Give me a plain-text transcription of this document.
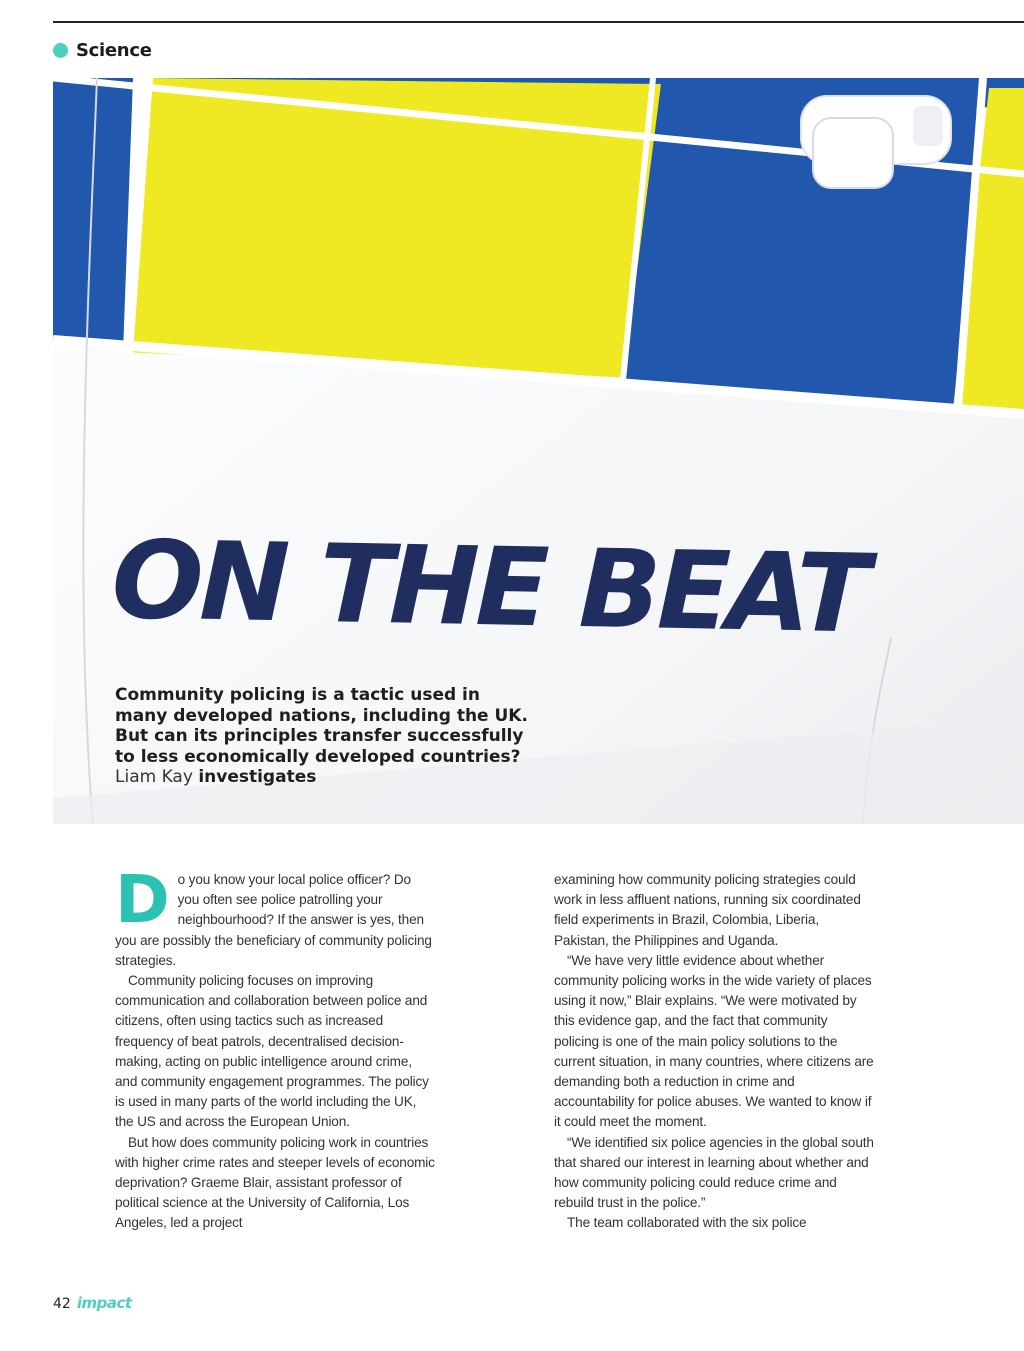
Science
ON THE BEAT

Community policing is a tactic used in many developed nations, including the UK. But can its principles transfer successfully to less economically developed countries?

Liam Kay investigates
D o you know your local police officer? Do you often see police patrolling your neighbourhood? If the answer is yes, then you are possibly the beneficiary of community policing strategies.

Community policing focuses on improving communication and collaboration between police and citizens, often using tactics such as increased frequency of beat patrols, decentralised decision-making, acting on public intelligence around crime, and community engagement programmes. The policy is used in many parts of the world including the UK, the US and across the European Union.

But how does community policing work in countries with higher crime rates and steeper levels of economic deprivation? Graeme Blair, assistant professor of political science at the University of California, Los Angeles, led a project

examining how community policing strategies could work in less affluent nations, running six coordinated field experiments in Brazil, Colombia, Liberia, Pakistan, the Philippines and Uganda.

“We have very little evidence about whether community policing works in the wide variety of places using it now,” Blair explains. “We were motivated by this evidence gap, and the fact that community policing is one of the main policy solutions to the current situation, in many countries, where citizens are demanding both a reduction in crime and accountability for police abuses. We wanted to know if it could meet the moment.

“We identified six police agencies in the global south that shared our interest in learning about whether and how community policing could reduce crime and rebuild trust in the police.”

The team collaborated with the six police

42 impact
